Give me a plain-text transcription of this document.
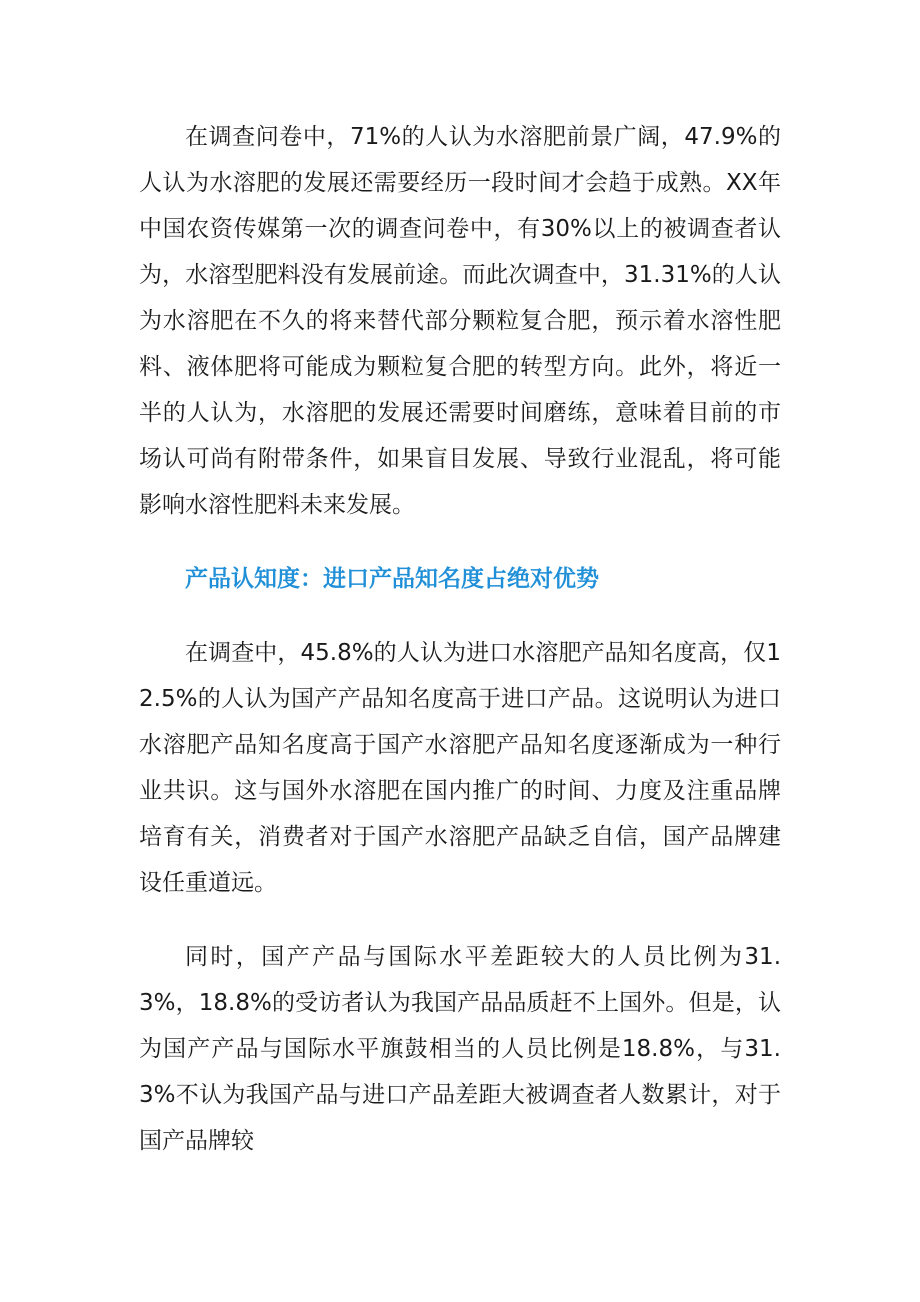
在调查问卷中，71%的人认为水溶肥前景广阔，47.9%的人认为水溶肥的发展还需要经历一段时间才会趋于成熟。XX年中国农资传媒第一次的调查问卷中，有30%以上的被调查者认为，水溶型肥料没有发展前途。而此次调查中，31.31%的人认为水溶肥在不久的将来替代部分颗粒复合肥，预示着水溶性肥料、液体肥将可能成为颗粒复合肥的转型方向。此外，将近一半的人认为，水溶肥的发展还需要时间磨练，意味着目前的市场认可尚有附带条件，如果盲目发展、导致行业混乱，将可能影响水溶性肥料未来发展。

产品认知度：进口产品知名度占绝对优势

在调查中，45.8%的人认为进口水溶肥产品知名度高，仅12.5%的人认为国产产品知名度高于进口产品。这说明认为进口水溶肥产品知名度高于国产水溶肥产品知名度逐渐成为一种行业共识。这与国外水溶肥在国内推广的时间、力度及注重品牌培育有关，消费者对于国产水溶肥产品缺乏自信，国产品牌建设任重道远。

同时，国产产品与国际水平差距较大的人员比例为31.3%，18.8%的受访者认为我国产品品质赶不上国外。但是，认为国产产品与国际水平旗鼓相当的人员比例是18.8%，与31.3%不认为我国产品与进口产品差距大被调查者人数累计，对于国产品牌较
